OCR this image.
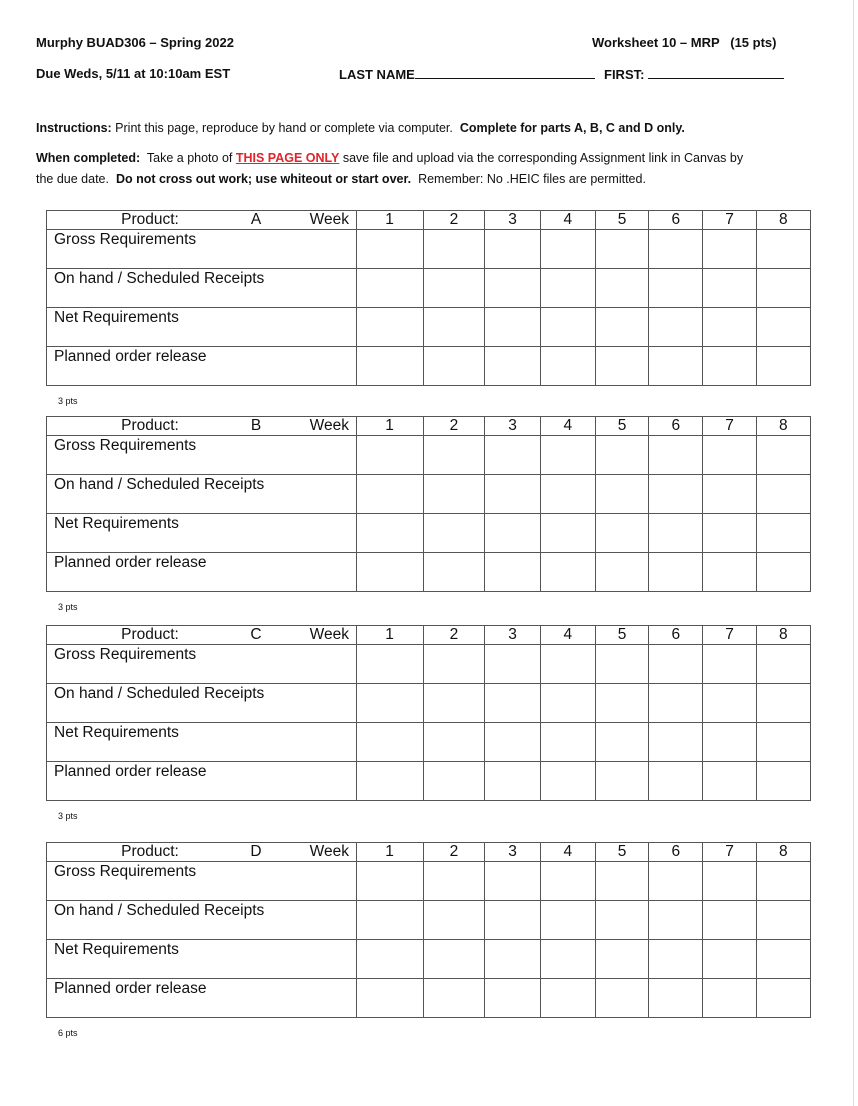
Murphy BUAD306 – Spring 2022	Worksheet 10 – MRP   (15 pts)
Due Weds, 5/11 at 10:10am EST	LAST NAME	FIRST:
Instructions: Print this page, reproduce by hand or complete via computer.  Complete for parts A, B, C and D only.
When completed:  Take a photo of THIS PAGE ONLY save file and upload via the corresponding Assignment link in Canvas by
the due date.  Do not cross out work; use whiteout or start over.  Remember: No .HEIC files are permitted.
Product: A Week	1	2	3	4	5	6	7	8
Gross Requirements								
On hand / Scheduled Receipts								
Net Requirements								
Planned order release								
3 pts
Product: B Week	1	2	3	4	5	6	7	8
Gross Requirements								
On hand / Scheduled Receipts								
Net Requirements								
Planned order release								
3 pts
Product: C Week	1	2	3	4	5	6	7	8
Gross Requirements								
On hand / Scheduled Receipts								
Net Requirements								
Planned order release								
3 pts
Product: D Week	1	2	3	4	5	6	7	8
Gross Requirements								
On hand / Scheduled Receipts								
Net Requirements								
Planned order release								
6 pts
